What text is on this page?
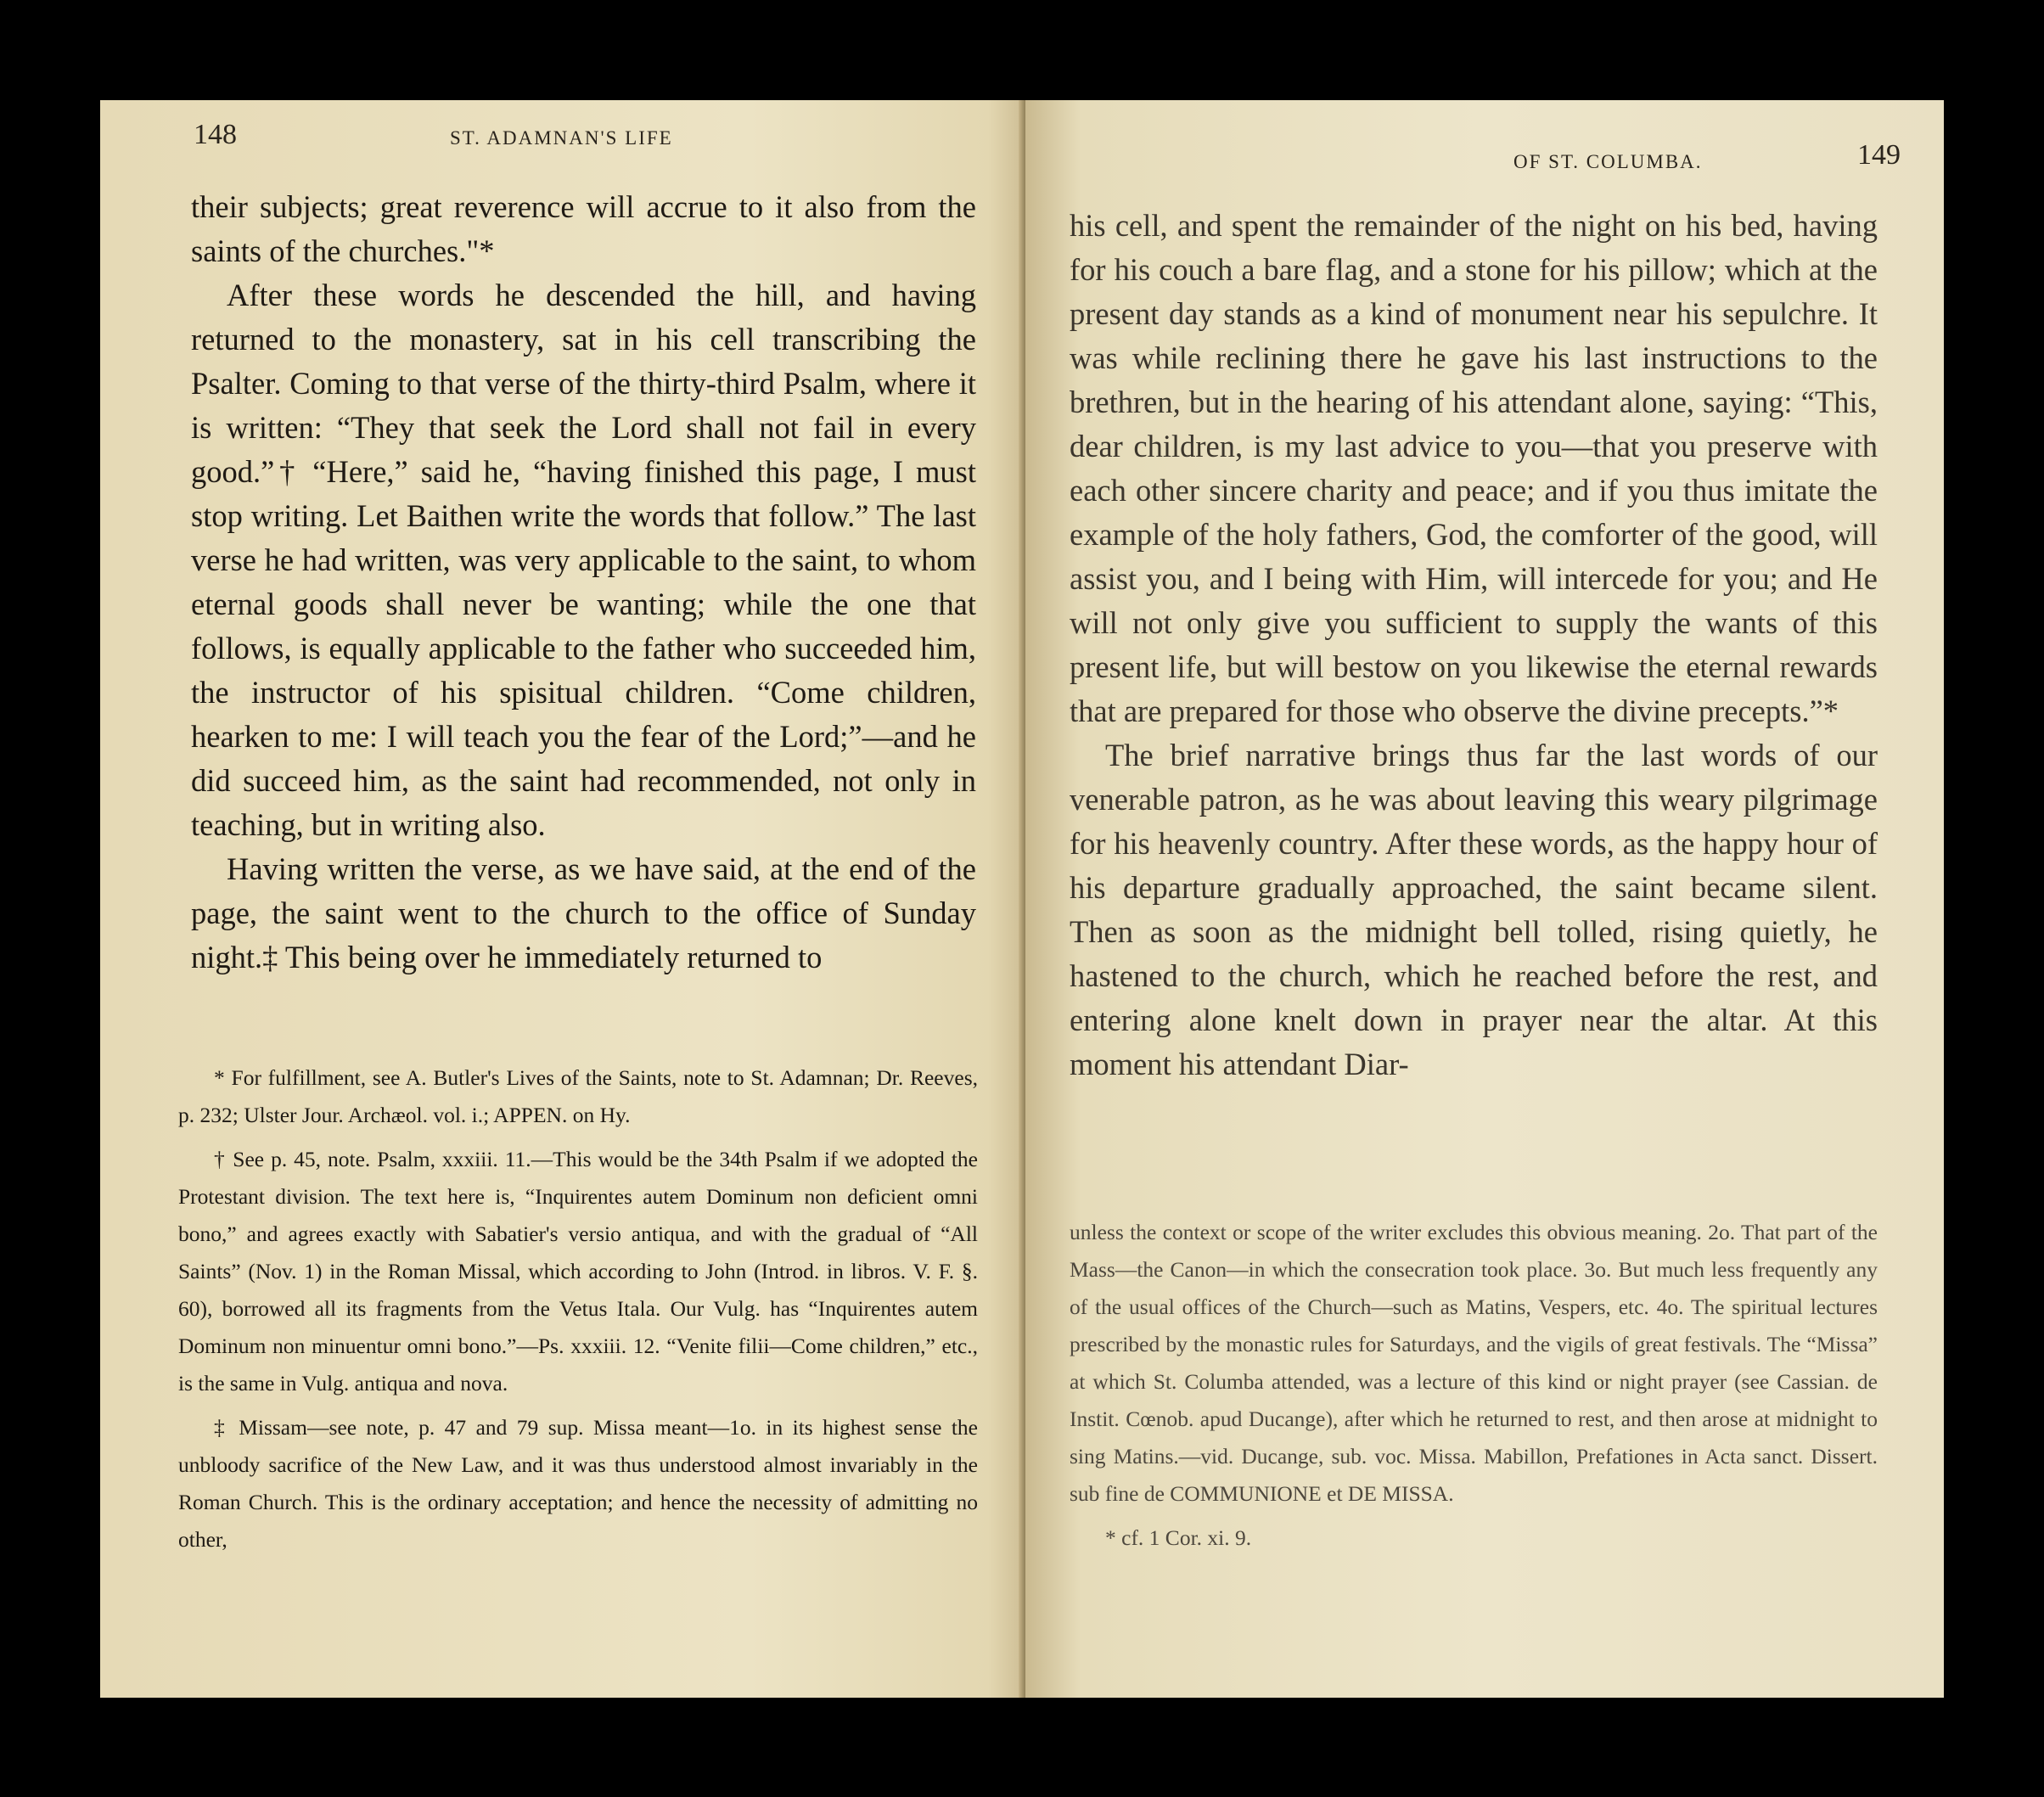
148	ST. ADAMNAN'S LIFE

their subjects; great reverence will accrue to it also from the saints of the churches."*

After these words he descended the hill, and having returned to the monastery, sat in his cell transcribing the Psalter. Coming to that verse of the thirty-third Psalm, where it is written: “They that seek the Lord shall not fail in every good.”† “Here,” said he, “having finished this page, I must stop writing. Let Baithen write the words that follow.” The last verse he had written, was very applicable to the saint, to whom eternal goods shall never be wanting; while the one that follows, is equally applicable to the father who succeeded him, the instructor of his spisitual children. “Come children, hearken to me: I will teach you the fear of the Lord;”—and he did succeed him, as the saint had recommended, not only in teaching, but in writing also.

Having written the verse, as we have said, at the end of the page, the saint went to the church to the office of Sunday night.‡ This being over he immediately returned to

* For fulfillment, see A. Butler's Lives of the Saints, note to St. Adamnan; Dr. Reeves, p. 232; Ulster Jour. Archæol. vol. i.; APPEN. on Hy.

† See p. 45, note. Psalm, xxxiii. 11.—This would be the 34th Psalm if we adopted the Protestant division. The text here is, “Inquirentes autem Dominum non deficient omni bono,” and agrees exactly with Sabatier's versio antiqua, and with the gradual of “All Saints” (Nov. 1) in the Roman Missal, which according to John (Introd. in libros. V. F. §. 60), borrowed all its fragments from the Vetus Itala. Our Vulg. has “Inquirentes autem Dominum non minuentur omni bono.”—Ps. xxxiii. 12. “Venite filii—Come children,” etc., is the same in Vulg. antiqua and nova.

‡ Missam—see note, p. 47 and 79 sup. Missa meant—1o. in its highest sense the unbloody sacrifice of the New Law, and it was thus understood almost invariably in the Roman Church. This is the ordinary acceptation; and hence the necessity of admitting no other,

OF ST. COLUMBA.	149

his cell, and spent the remainder of the night on his bed, having for his couch a bare flag, and a stone for his pillow; which at the present day stands as a kind of monument near his sepulchre. It was while reclining there he gave his last instructions to the brethren, but in the hearing of his attendant alone, saying: “This, dear children, is my last advice to you—that you preserve with each other sincere charity and peace; and if you thus imitate the example of the holy fathers, God, the comforter of the good, will assist you, and I being with Him, will intercede for you; and He will not only give you sufficient to supply the wants of this present life, but will bestow on you likewise the eternal rewards that are prepared for those who observe the divine precepts.”*

The brief narrative brings thus far the last words of our venerable patron, as he was about leaving this weary pilgrimage for his heavenly country. After these words, as the happy hour of his departure gradually approached, the saint became silent. Then as soon as the midnight bell tolled, rising quietly, he hastened to the church, which he reached before the rest, and entering alone knelt down in prayer near the altar. At this moment his attendant Diar-

unless the context or scope of the writer excludes this obvious meaning. 2o. That part of the Mass—the Canon—in which the consecration took place. 3o. But much less frequently any of the usual offices of the Church—such as Matins, Vespers, etc. 4o. The spiritual lectures prescribed by the monastic rules for Saturdays, and the vigils of great festivals. The “Missa” at which St. Columba attended, was a lecture of this kind or night prayer (see Cassian. de Instit. Cœnob. apud Ducange), after which he returned to rest, and then arose at midnight to sing Matins.—vid. Ducange, sub. voc. Missa. Mabillon, Prefationes in Acta sanct. Dissert. sub fine de COMMUNIONE et DE MISSA.

* cf. 1 Cor. xi. 9.
